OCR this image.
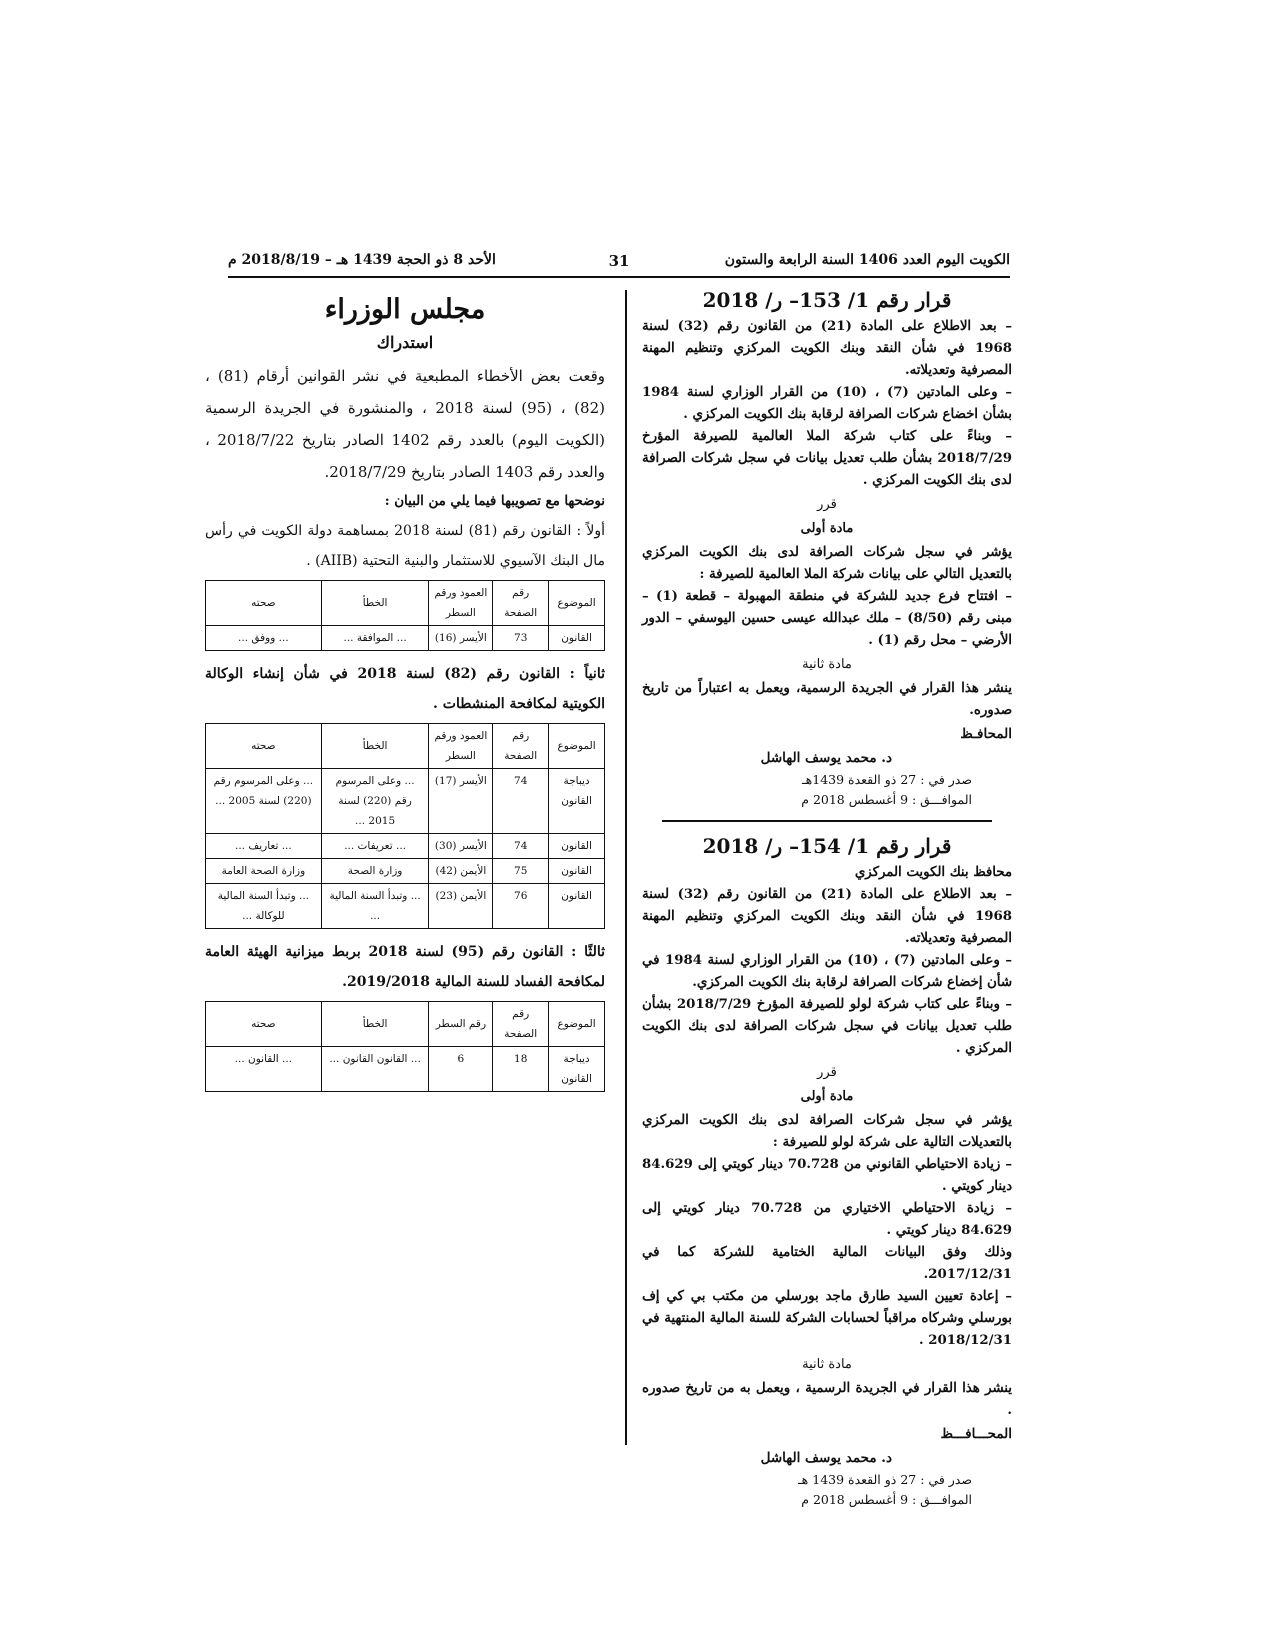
الكويت اليوم العدد 1406 السنة الرابعة والستون
31
الأحد 8 ذو الحجة 1439 هـ – 2018/8/19 م
قرار رقم 1/ 153– ر/ 2018

– بعد الاطلاع على المادة (21) من القانون رقم (32) لسنة 1968 في شأن النقد وبنك الكويت المركزي وتنظيم المهنة المصرفية وتعديلاته.

– وعلى المادتين (7) ، (10) من القرار الوزاري لسنة 1984 بشأن اخضاع شركات الصرافة لرقابة بنك الكويت المركزي .

– وبناءً على كتاب شركة الملا العالمية للصيرفة المؤرخ 2018/7/29 بشأن طلب تعديل بيانات في سجل شركات الصرافة لدى بنك الكويت المركزي .

قرر

مادة أولى

يؤشر في سجل شركات الصرافة لدى بنك الكويت المركزي بالتعديل التالي على بيانات شركة الملا العالمية للصيرفة :

– افتتاح فرع جديد للشركة في منطقة المهبولة – قطعة (1) – مبنى رقم (8/50) – ملك عبدالله عيسى حسين اليوسفي – الدور الأرضي – محل رقم (1) .

مادة ثانية

ينشر هذا القرار في الجريدة الرسمية، ويعمل به اعتباراً من تاريخ صدوره.

المحافـظ

د. محمد يوسف الهاشل

صدر في : 27 ذو القعدة 1439هـ

الموافـــق : 9 أغسطس 2018 م

قرار رقم 1/ 154– ر/ 2018

محافظ بنك الكويت المركزي

– بعد الاطلاع على المادة (21) من القانون رقم (32) لسنة 1968 في شأن النقد وبنك الكويت المركزي وتنظيم المهنة المصرفية وتعديلاته.

– وعلى المادتين (7) ، (10) من القرار الوزاري لسنة 1984 في شأن إخضاع شركات الصرافة لرقابة بنك الكويت المركزي.

– وبناءً على كتاب شركة لولو للصيرفة المؤرخ 2018/7/29 بشأن طلب تعديل بيانات في سجل شركات الصرافة لدى بنك الكويت المركزي .

قرر

مادة أولى

يؤشر في سجل شركات الصرافة لدى بنك الكويت المركزي بالتعديلات التالية على شركة لولو للصيرفة :

– زيادة الاحتياطي القانوني من 70.728 دينار كويتي إلى 84.629 دينار كويتي .

– زيادة الاحتياطي الاختياري من 70.728 دينار كويتي إلى 84.629 دينار كويتي .

وذلك وفق البيانات المالية الختامية للشركة كما في 2017/12/31.

– إعادة تعيين السيد طارق ماجد بورسلي من مكتب بي كي إف بورسلي وشركاه مراقباً لحسابات الشركة للسنة المالية المنتهية في 2018/12/31 .

مادة ثانية

ينشر هذا القرار في الجريدة الرسمية ، ويعمل به من تاريخ صدوره .

المحـــافـــظ

د. محمد يوسف الهاشل

صدر في : 27 ذو القعدة 1439 هـ

الموافـــق : 9 أغسطس 2018 م

مجلس الوزراء
استدراك

وقعت بعض الأخطاء المطبعية في نشر القوانين أرقام (81) ، (82) ، (95) لسنة 2018 ، والمنشورة في الجريدة الرسمية (الكويت اليوم) بالعدد رقم 1402 الصادر بتاريخ 2018/7/22 ، والعدد رقم 1403 الصادر بتاريخ 2018/7/29.

نوضحها مع تصويبها فيما يلي من البيان :

أولاً : القانون رقم (81) لسنة 2018 بمساهمة دولة الكويت في رأس مال البنك الآسيوي للاستثمار والبنية التحتية (AIIB) .

الموضوع	رقم الصفحة	العمود ورقم السطر	الخطأ	صحته
القانون	73	الأيسر (16)	... الموافقة ...	... ووفق ...

ثانياً : القانون رقم (82) لسنة 2018 في شأن إنشاء الوكالة الكويتية لمكافحة المنشطات .

الموضوع	رقم الصفحة	العمود ورقم السطر	الخطأ	صحته
ديباجة القانون	74	الأيسر (17)	... وعلى المرسوم رقم (220) لسنة 2015 ...	... وعلى المرسوم رقم (220) لسنة 2005 ...
القانون	74	الأيسر (30)	... تعريفات ...	... تعاريف ...
القانون	75	الأيمن (42)	وزارة الصحة	وزارة الصحة العامة
القانون	76	الأيمن (23)	... وتبدأ السنة المالية ...	... وتبدأ السنة المالية للوكالة ...

ثالثًا : القانون رقم (95) لسنة 2018 بربط ميزانية الهيئة العامة لمكافحة الفساد للسنة المالية 2019/2018.

الموضوع	رقم الصفحة	رقم السطر	الخطأ	صحته
ديباجة القانون	18	6	... القانون القانون ...	... القانون ...
